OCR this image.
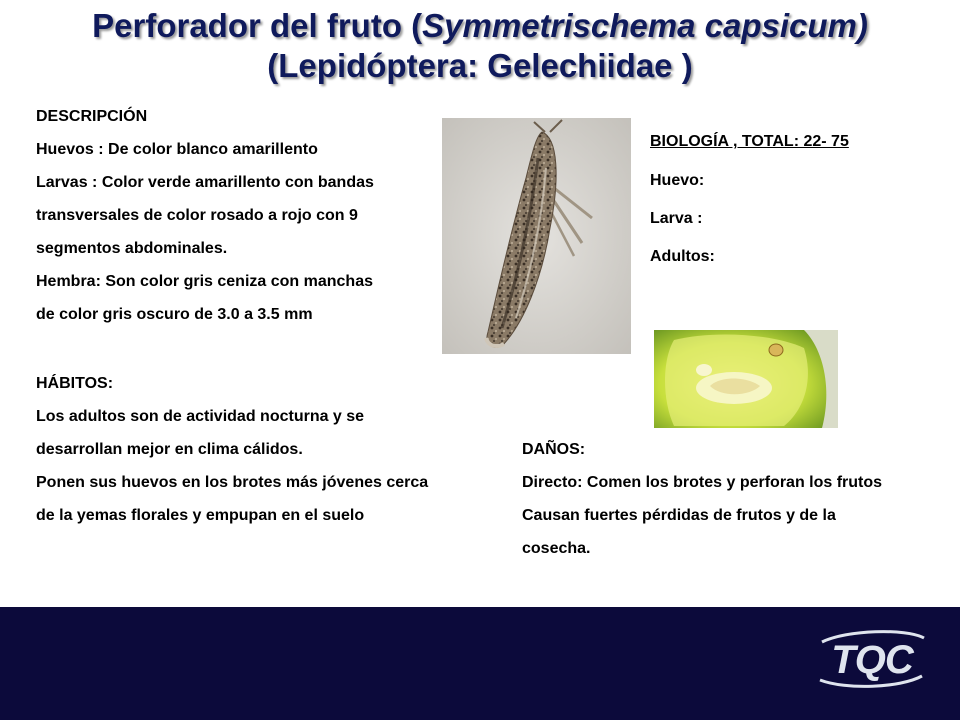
Perforador del fruto (Symmetrischema capsicum)
(Lepidóptera: Gelechiidae )
DESCRIPCIÓN
Huevos : De color blanco amarillento
Larvas : Color verde amarillento con bandas
transversales de color rosado a rojo con 9
segmentos abdominales.
Hembra: Son color gris ceniza con manchas
de color gris oscuro de 3.0 a 3.5 mm
HÁBITOS:
Los adultos son de actividad nocturna y se
desarrollan mejor en clima cálidos.
Ponen sus huevos en los brotes más jóvenes cerca
de la yemas florales y empupan en el suelo
BIOLOGÍA , TOTAL: 22- 75
Huevo:
Larva :
Adultos:
DAÑOS:
Directo: Comen los brotes y perforan los frutos
Causan fuertes pérdidas de frutos y de la
cosecha.
TQC
